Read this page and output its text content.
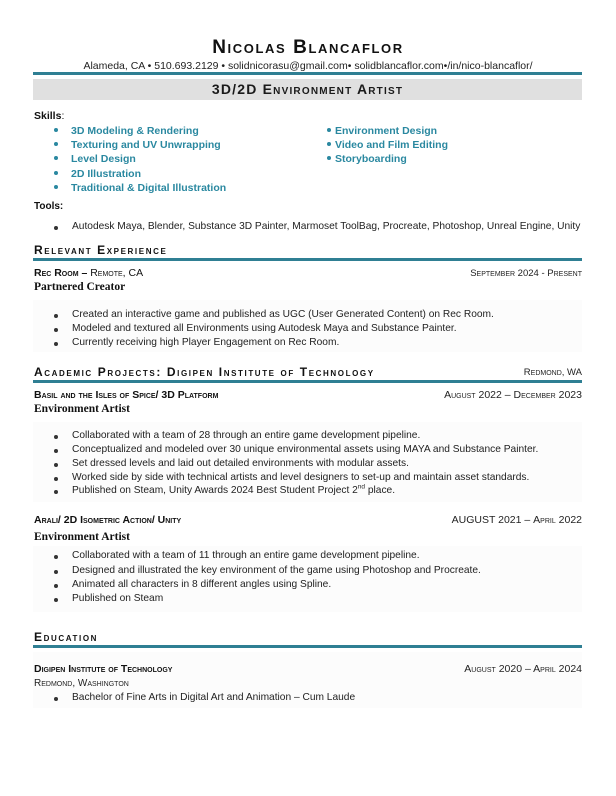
Nicolas Blancaflor
Alameda, CA • 510.693.2129 • solidnicorasu@gmail.com• solidblancaflor.com•/in/nico-blancaflor/
3D/2D Environment Artist
Skills:
3D Modeling & Rendering
Texturing and UV Unwrapping
Level Design
2D Illustration
Traditional & Digital Illustration
Environment Design
Video and Film Editing
Storyboarding
Tools:
Autodesk Maya, Blender, Substance 3D Painter, Marmoset ToolBag, Procreate, Photoshop, Unreal Engine, Unity
Relevant Experience
Rec Room – Remote, CA	September 2024 - Present
Partnered Creator
Created an interactive game and published as UGC (User Generated Content) on Rec Room.
Modeled and textured all Environments using Autodesk Maya and Substance Painter.
Currently receiving high Player Engagement on Rec Room.
Academic Projects: Digipen Institute of Technology	Redmond, WA
Basil and the Isles of Spice/ 3D Platform	August 2022 – December 2023
Environment Artist
Collaborated with a team of 28 through an entire game development pipeline.
Conceptualized and modeled over 30 unique environmental assets using MAYA and Substance Painter.
Set dressed levels and laid out detailed environments with modular assets.
Worked side by side with technical artists and level designers to set-up and maintain asset standards.
Published on Steam, Unity Awards 2024 Best Student Project 2nd place.
Arali/ 2D Isometric Action/ Unity	AUGUST 2021 – April 2022
Environment Artist
Collaborated with a team of 11 through an entire game development pipeline.
Designed and illustrated the key environment of the game using Photoshop and Procreate.
Animated all characters in 8 different angles using Spline.
Published on Steam
Education
Digipen Institute of Technology	August 2020 – April 2024
Redmond, Washington
Bachelor of Fine Arts in Digital Art and Animation – Cum Laude
